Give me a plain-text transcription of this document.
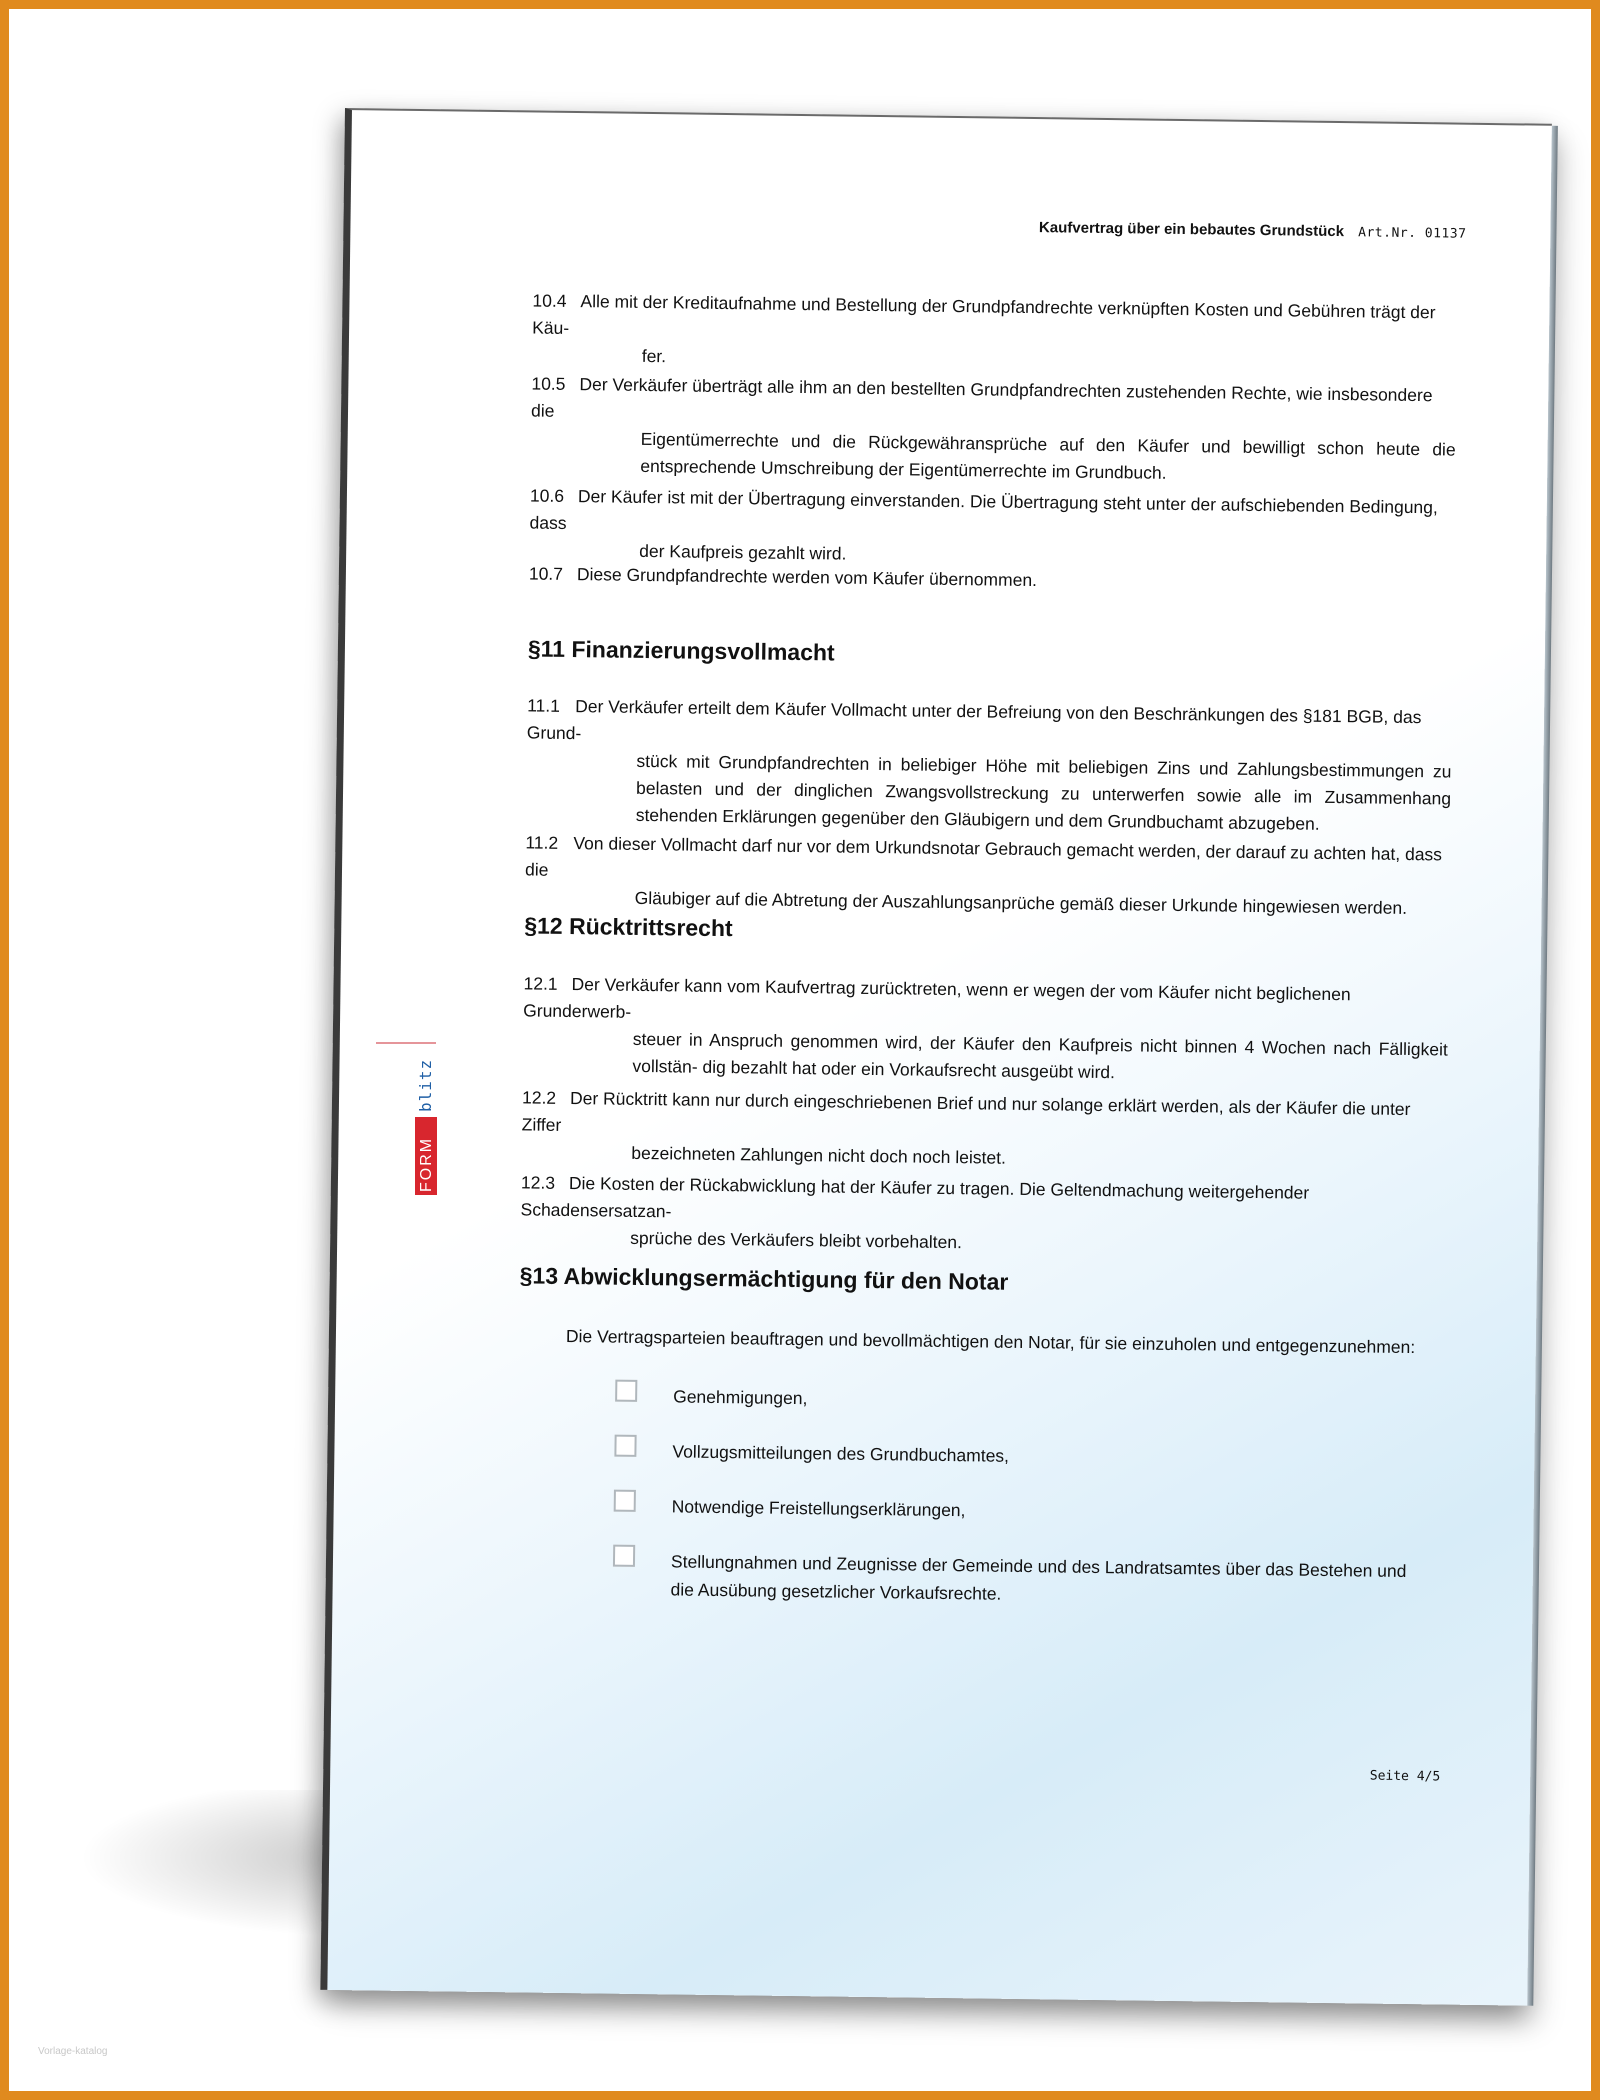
Kaufvertrag über ein bebautes Grundstück Art.Nr. 01137
10.4 Alle mit der Kreditaufnahme und Bestellung der Grundpfandrechte verknüpften Kosten und Gebühren trägt der Käu-
fer.
10.5 Der Verkäufer überträgt alle ihm an den bestellten Grundpfandrechten zustehenden Rechte, wie insbesondere die
Eigentümerrechte und die Rückgewähransprüche auf den Käufer und bewilligt schon heute die entsprechende Umschreibung der Eigentümerrechte im Grundbuch.
10.6 Der Käufer ist mit der Übertragung einverstanden. Die Übertragung steht unter der aufschiebenden Bedingung, dass
der Kaufpreis gezahlt wird.
10.7 Diese Grundpfandrechte werden vom Käufer übernommen.
§11 Finanzierungsvollmacht
11.1 Der Verkäufer erteilt dem Käufer Vollmacht unter der Befreiung von den Beschränkungen des §181 BGB, das Grund-
stück mit Grundpfandrechten in beliebiger Höhe mit beliebigen Zins und Zahlungsbestimmungen zu belasten und der dinglichen Zwangsvollstreckung zu unterwerfen sowie alle im Zusammenhang stehenden Erklärungen gegenüber den Gläubigern und dem Grundbuchamt abzugeben.
11.2 Von dieser Vollmacht darf nur vor dem Urkundsnotar Gebrauch gemacht werden, der darauf zu achten hat, dass die
Gläubiger auf die Abtretung der Auszahlungsanprüche gemäß dieser Urkunde hingewiesen werden.
§12 Rücktrittsrecht
12.1 Der Verkäufer kann vom Kaufvertrag zurücktreten, wenn er wegen der vom Käufer nicht beglichenen Grunderwerb-
steuer in Anspruch genommen wird, der Käufer den Kaufpreis nicht binnen 4 Wochen nach Fälligkeit vollstän- dig bezahlt hat oder ein Vorkaufsrecht ausgeübt wird.
12.2 Der Rücktritt kann nur durch eingeschriebenen Brief und nur solange erklärt werden, als der Käufer die unter Ziffer
bezeichneten Zahlungen nicht doch noch leistet.
12.3 Die Kosten der Rückabwicklung hat der Käufer zu tragen. Die Geltendmachung weitergehender Schadensersatzan-
sprüche des Verkäufers bleibt vorbehalten.
§13 Abwicklungsermächtigung für den Notar
Die Vertragsparteien beauftragen und bevollmächtigen den Notar, für sie einzuholen und entgegenzunehmen:
Genehmigungen,
Vollzugsmitteilungen des Grundbuchamtes,
Notwendige Freistellungserklärungen,
Stellungnahmen und Zeugnisse der Gemeinde und des Landratsamtes über das Bestehen und die Ausübung gesetzlicher Vorkaufsrechte.
Seite 4/5
FORM
blitz
Vorlage-katalog
